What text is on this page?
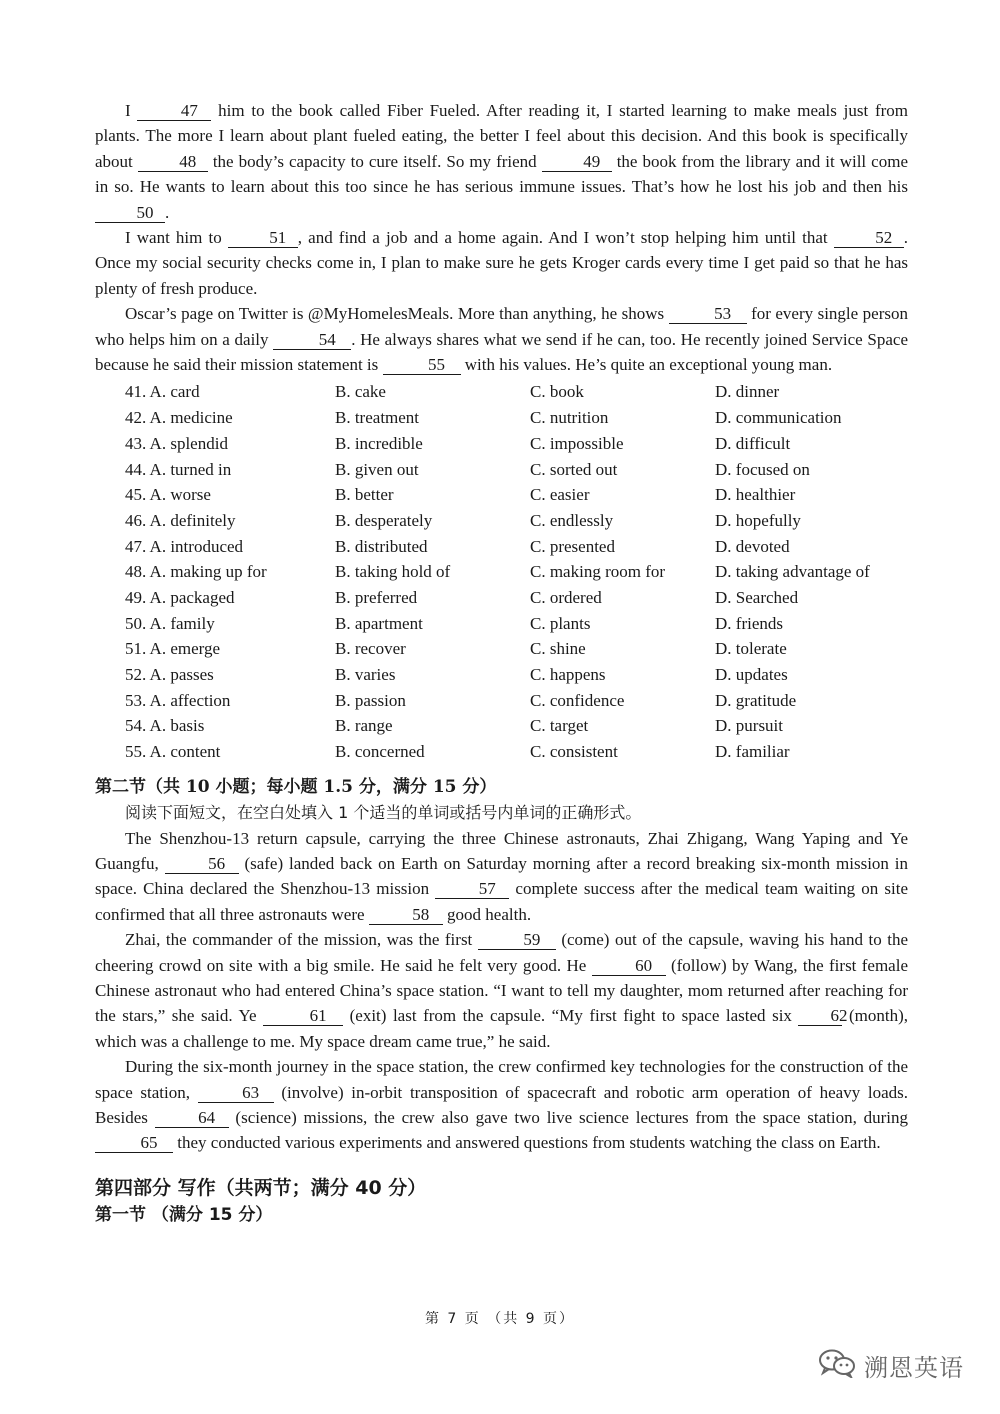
I	47 him to the book called Fiber Fueled. After reading it, I started learning to make meals just from plants. The more I learn about plant fueled eating, the better I feel about this decision. And this book is specifically about 48 the body’s capacity to cure itself. So my friend 49 the book from the library and it will come in so. He wants to learn about this too since he has serious immune issues. That’s how he lost his job and then his 50 .

I want him to 51 , and find a job and a home again. And I won’t stop helping him until that 52 . Once my social security checks come in, I plan to make sure he gets Kroger cards every time I get paid so that he has plenty of fresh produce.

Oscar’s page on Twitter is @MyHomelesMeals. More than anything, he shows	53 for every single person who helps him on a daily	54 . He always shares what we send if he can, too. He recently joined Service Space because he said their mission statement is	55 with his values. He’s quite an exceptional young man.

41. A. card	B. cake	C. book	D. dinner
42. A. medicine	B. treatment	C. nutrition	D. communication
43. A. splendid	B. incredible	C. impossible	D. difficult
44. A. turned in	B. given out	C. sorted out	D. focused on
45. A. worse	B. better	C. easier	D. healthier
46. A. definitely	B. desperately	C. endlessly	D. hopefully
47. A. introduced	B. distributed	C. presented	D. devoted
48. A. making up for	B. taking hold of	C. making room for	D. taking advantage of
49. A. packaged	B. preferred	C. ordered	D. Searched
50. A. family	B. apartment	C. plants	D. friends
51. A. emerge	B. recover	C. shine	D. tolerate
52. A. passes	B. varies	C. happens	D. updates
53. A. affection	B. passion	C. confidence	D. gratitude
54. A. basis	B. range	C. target	D. pursuit
55. A. content	B. concerned	C. consistent	D. familiar
第二节（共 10 小题；每小题 1.5 分，满分 15 分）

阅读下面短文，在空白处填入 1 个适当的单词或括号内单词的正确形式。

The Shenzhou-13 return capsule, carrying the three Chinese astronauts, Zhai Zhigang, Wang Yaping and Ye Guangfu,	56 (safe) landed back on Earth on Saturday morning after a record breaking six-month mission in space. China declared the Shenzhou-13 mission	57 complete success after the medical team waiting on site confirmed that all three astronauts were	58 good health.

Zhai, the commander of the mission, was the first	59 (come) out of the capsule, waving his hand to the cheering crowd on site with a big smile. He said he felt very good. He	60 (follow) by Wang, the first female Chinese astronaut who had entered China’s space station. “I want to tell my daughter, mom returned after reaching for the stars,” she said. Ye	61 (exit) last from the capsule. “My first fight to space lasted six 62 (month), which was a challenge to me. My space dream came true,” he said.

During the six-month journey in the space station, the crew confirmed key technologies for the construction of the space station,	63 (involve) in-orbit transposition of spacecraft and robotic arm operation of heavy loads. Besides	64 (science) missions, the crew also gave two live science lectures from the space station, during 65 they conducted various experiments and answered questions from students watching the class on Earth.

第四部分 写作（共两节；满分 40 分）
第一节 （满分 15 分）
第 7 页 （共 9 页）
溯恩英语
